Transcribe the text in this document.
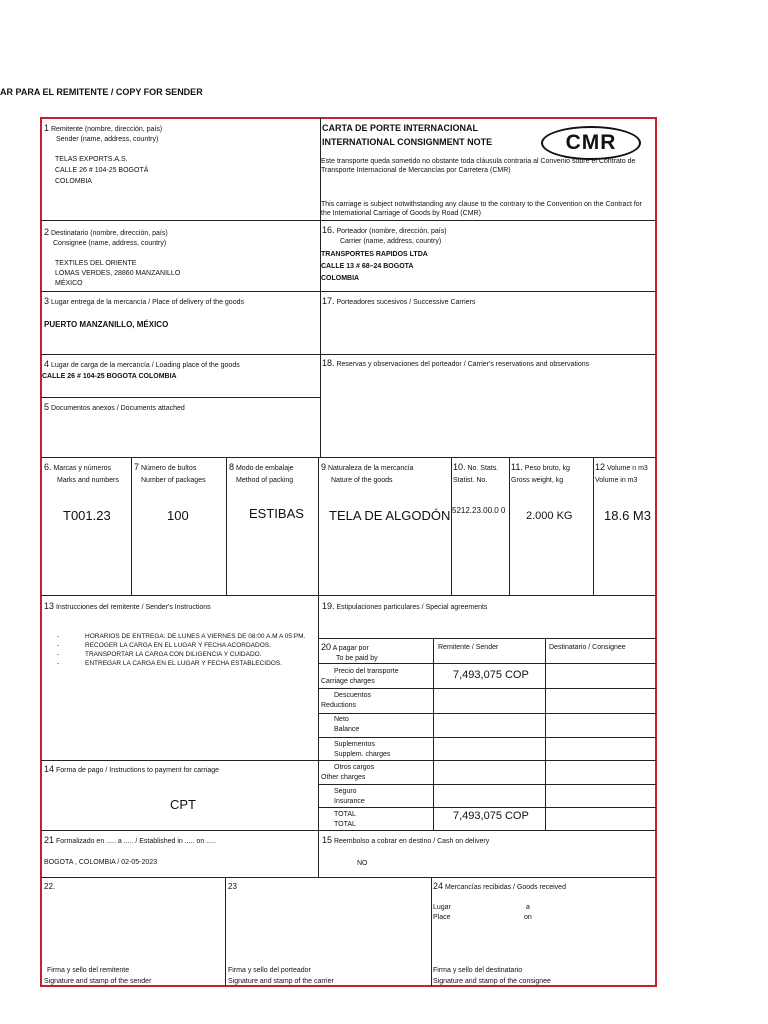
AR PARA EL REMITENTE / COPY FOR SENDER
1 Remitente (nombre, dirección, país)
Sender (name, address, country)
TELAS EXPORTS.A.S.
CALLE 26 # 104-25 BOGOTÁ
COLOMBIA
CARTA DE PORTE INTERNACIONAL
INTERNATIONAL CONSIGNMENT NOTE
Este transporte queda sometido no obstante toda cláusula contraria al Convenio sobre el Contrato de Transporte Internacional de Mercancías por Carretera (CMR)
This carriage is subject notwithstanding any clause to the contrary to the Convention on the Contract for the International Carriage of Goods by Road (CMR)
CMR
2 Destinatario (nombre, dirección, país)
Consignee (name, address, country)
TEXTILES DEL ORIENTE
LOMAS VERDES, 28860 MANZANILLO
MÉXICO
16. Porteador (nombre, dirección, país)
Carrier (name, address, country)
TRANSPORTES RAPIDOS LTDA
CALLE 13 # 68–24 BOGOTA
COLOMBIA
3 Lugar entrega de la mercancía / Place of delivery of the goods
PUERTO MANZANILLO, MÉXICO
17. Porteadores sucesivos / Successive Carriers
4 Lugar de carga de la mercancía / Loading place of the goods
CALLE 26 # 104-25 BOGOTA COLOMBIA
18. Reservas y observaciones del porteador / Carrier's reservations and observations
5 Documentos anexos / Documents attached
6. Marcas y números
Marks and numbers
T001.23
7 Número de bultos
Number of packages
100
8 Modo de embalaje
Method of packing
ESTIBAS
9 Naturaleza de la mercancía
Nature of the goods
TELA DE ALGODÓN
10. No. Stats.
Statist. No.
5212.23.00.0 0
11. Peso bruto, kg
Gross weight, kg
2.000 KG
12 Volume n m3
Volume in m3
18.6 M3
13 Instrucciones del remitente / Sender's Instructions
- HORARIOS DE ENTREGA: DE LUNES A VIERNES DE 08:00 A.M A 05:PM.
- RECOGER LA CARGA EN EL LUGAR Y FECHA ACORDADOS.
- TRANSPORTAR LA CARGA CON DILIGENCIA Y CUIDADO.
- ENTREGAR LA CARGA EN EL LUGAR Y FECHA ESTABLECIDOS.
19. Estipulaciones particulares / Special agreements
20 A pagar por
To be paid by
Remitente / Sender	Destinatario / Consignee
Precio del transporte
Carriage charges
7,493,075 COP
Descuentos
Reductions
Neto
Balance
Suplementos
Supplem. charges
Otros cargos
Other charges
Seguro
Insurance
TOTAL
TOTAL
7,493,075 COP
14 Forma de pago / Instructions to payment for carriage
CPT
21 Formalizado en ..... a ..... / Established in ..... on .....
BOGOTA , COLOMBIA / 02-05-2023
15 Reembolso a cobrar en destino / Cash on delivery
NO
22.
Firma y sello del remitente
Signature and stamp of the sender
23
Firma y sello del porteador
Signature and stamp of the carrier
24 Mercancías recibidas / Goods received
Lugar
Place
a
on
Firma y sello del destinatario
Signature and stamp of the consignee
